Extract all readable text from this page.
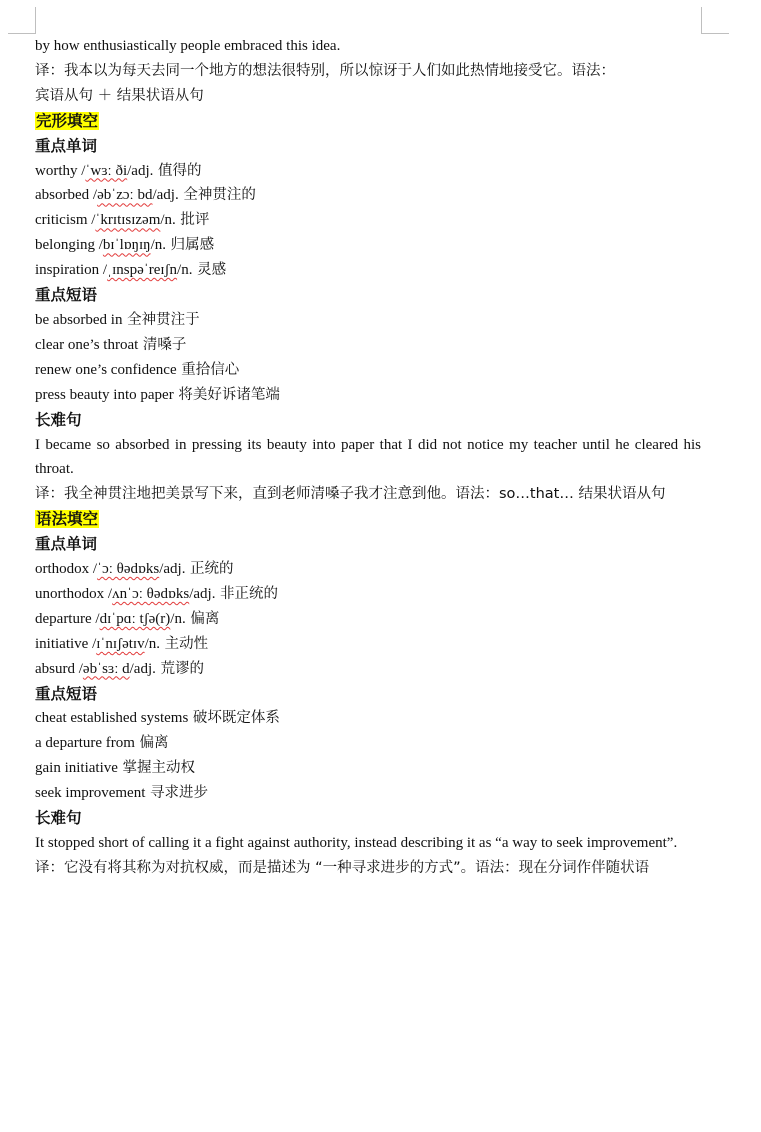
by how enthusiastically people embraced this idea.
译：我本以为每天去同一个地方的想法很特别，所以惊讶于人们如此热情地接受它。语法：
宾语从句 ＋ 结果状语从句
完形填空
重点单词
worthy /ˈwɜː ði/adj. 值得的
absorbed /əbˈzɔː bd/adj. 全神贯注的
criticism /ˈkrɪtɪsɪzəm/n. 批评
belonging /bɪˈlɒŋɪŋ/n. 归属感
inspiration /ˌɪnspəˈreɪʃn/n. 灵感
重点短语
be absorbed in 全神贯注于
clear one’s throat 清嗓子
renew one’s confidence 重拾信心
press beauty into paper 将美好诉诸笔端
长难句
I became so absorbed in pressing its beauty into paper that I did not notice my teacher until he cleared his throat.
译：我全神贯注地把美景写下来，直到老师清嗓子我才注意到他。语法：so…that… 结果状语从句
语法填空
重点单词
orthodox /ˈɔː θədɒks/adj. 正统的
unorthodox /ʌnˈɔː θədɒks/adj. 非正统的
departure /dɪˈpɑː tʃə(r)/n. 偏离
initiative /ɪˈnɪʃətɪv/n. 主动性
absurd /əbˈsɜː d/adj. 荒谬的
重点短语
cheat established systems 破坏既定体系
a departure from 偏离
gain initiative 掌握主动权
seek improvement 寻求进步
长难句
It stopped short of calling it a fight against authority, instead describing it as “a way to seek improvement”.
译：它没有将其称为对抗权威，而是描述为 “一种寻求进步的方式”。语法：现在分词作伴随状语
